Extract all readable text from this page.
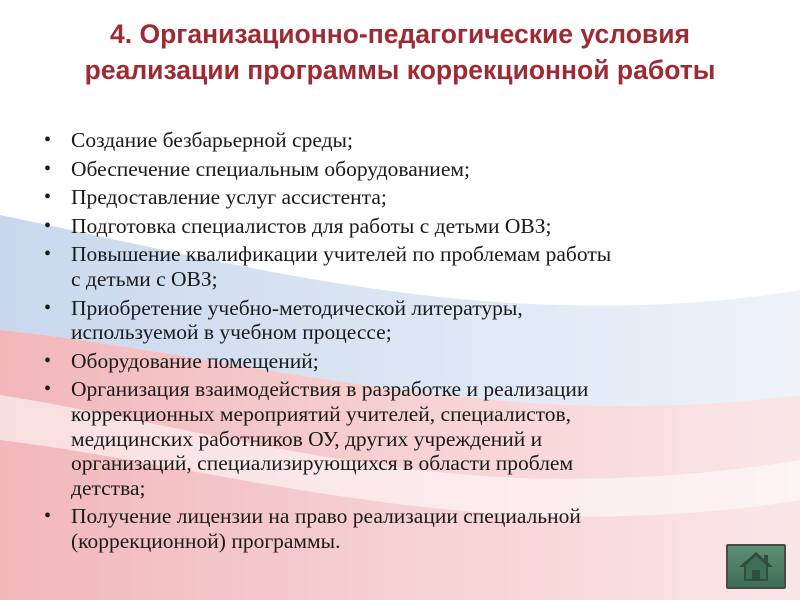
4. Организационно-педагогические условия
реализации программы коррекционной работы
• Создание безбарьерной среды;
• Обеспечение специальным оборудованием;
• Предоставление услуг ассистента;
• Подготовка специалистов для работы с детьми ОВЗ;
• Повышение квалификации учителей по проблемам работы
с детьми с ОВЗ;
• Приобретение учебно-методической литературы,
используемой в учебном процессе;
• Оборудование помещений;
• Организация взаимодействия в разработке и реализации
коррекционных мероприятий учителей, специалистов,
медицинских работников ОУ, других учреждений и
организаций, специализирующихся в области проблем
детства;
• Получение лицензии на право реализации специальной
(коррекционной) программы.
